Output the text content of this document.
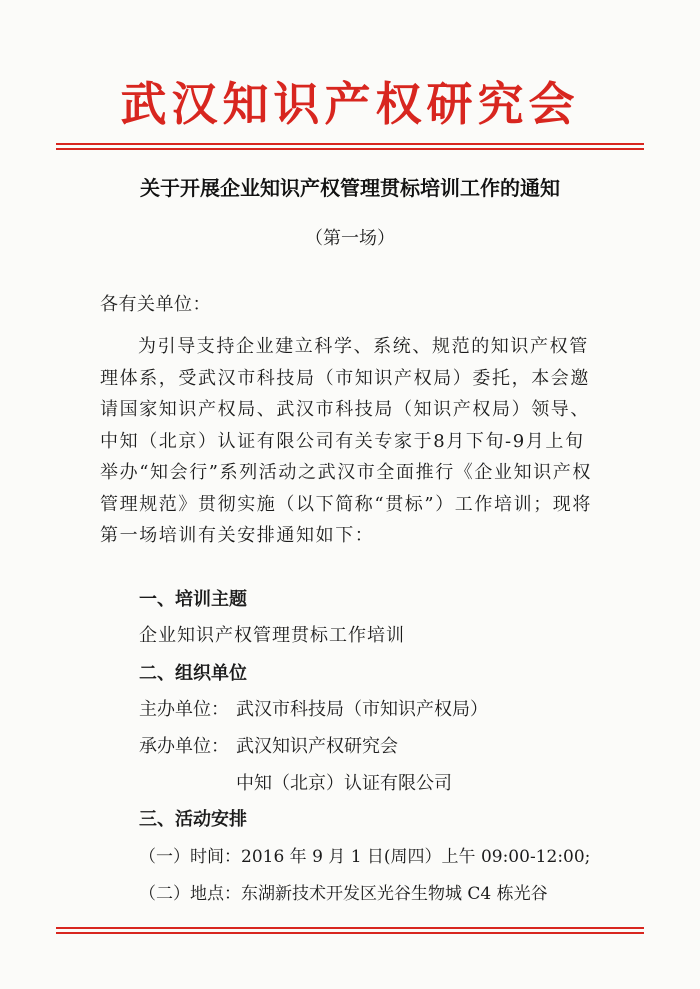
武汉知识产权研究会
关于开展企业知识产权管理贯标培训工作的通知
（第一场）
各有关单位：
为引导支持企业建立科学、系统、规范的知识产权管理体系，受武汉市科技局（市知识产权局）委托，本会邀请国家知识产权局、武汉市科技局（知识产权局）领导、中知（北京）认证有限公司有关专家于8月下旬-9月上旬举办“知会行”系列活动之武汉市全面推行《企业知识产权管理规范》贯彻实施（以下简称“贯标”）工作培训；现将第一场培训有关安排通知如下：
一、培训主题
企业知识产权管理贯标工作培训
二、组织单位
主办单位： 武汉市科技局（市知识产权局）
承办单位： 武汉知识产权研究会
中知（北京）认证有限公司
三、活动安排
（一）时间：2016 年 9 月 1 日(周四）上午 09:00-12:00;
（二）地点：东湖新技术开发区光谷生物城 C4 栋光谷
